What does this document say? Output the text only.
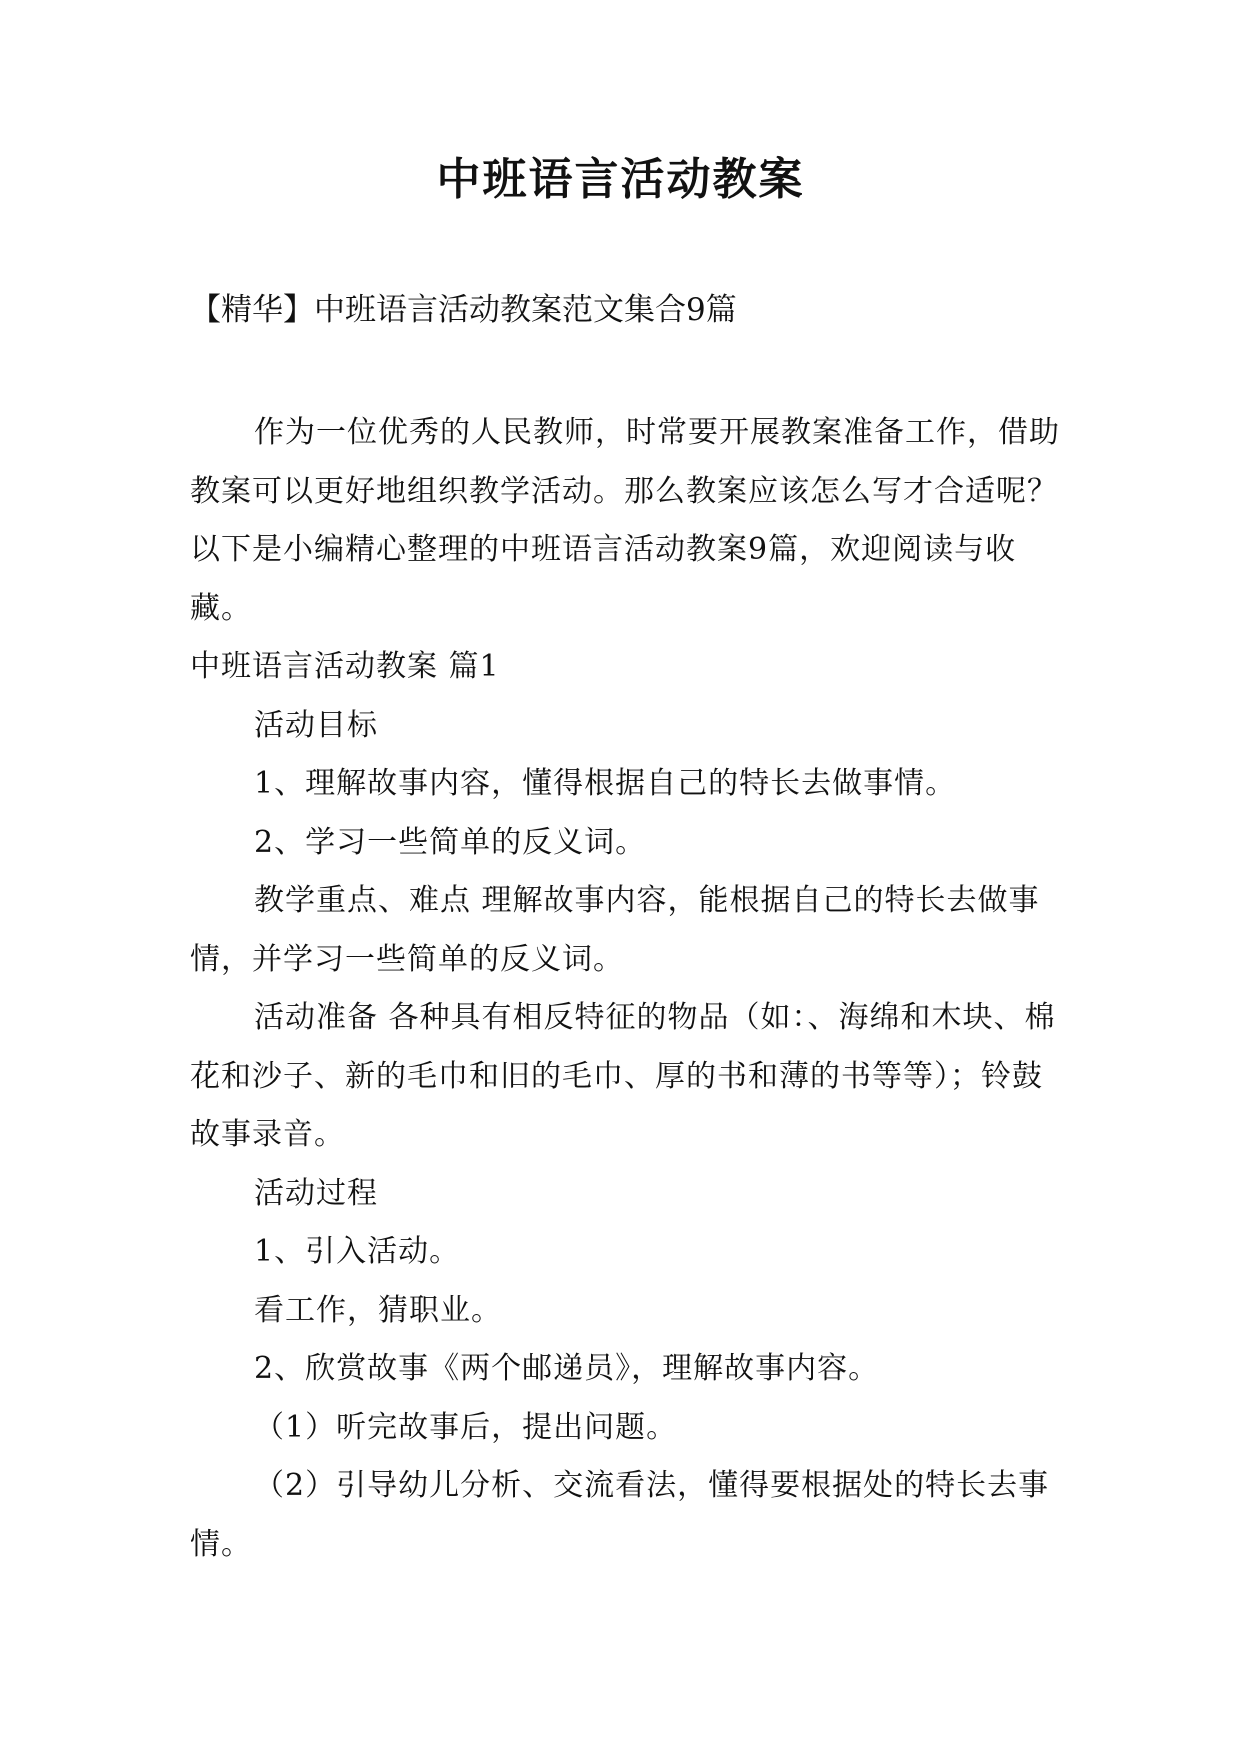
中班语言活动教案
【精华】中班语言活动教案范文集合9篇

作为一位优秀的人民教师，时常要开展教案准备工作，借助教案可以更好地组织教学活动。那么教案应该怎么写才合适呢？以下是小编精心整理的中班语言活动教案9篇，欢迎阅读与收藏。

中班语言活动教案 篇1

活动目标

1、理解故事内容，懂得根据自己的特长去做事情。

2、学习一些简单的反义词。

教学重点、难点 理解故事内容，能根据自己的特长去做事情，并学习一些简单的反义词。

活动准备 各种具有相反特征的物品（如：、海绵和木块、棉花和沙子、新的毛巾和旧的毛巾、厚的书和薄的书等等）；铃鼓故事录音。

活动过程

1、引入活动。

看工作，猜职业。

2、欣赏故事《两个邮递员》，理解故事内容。

（1）听完故事后，提出问题。

（2）引导幼儿分析、交流看法，懂得要根据处的特长去事情。
